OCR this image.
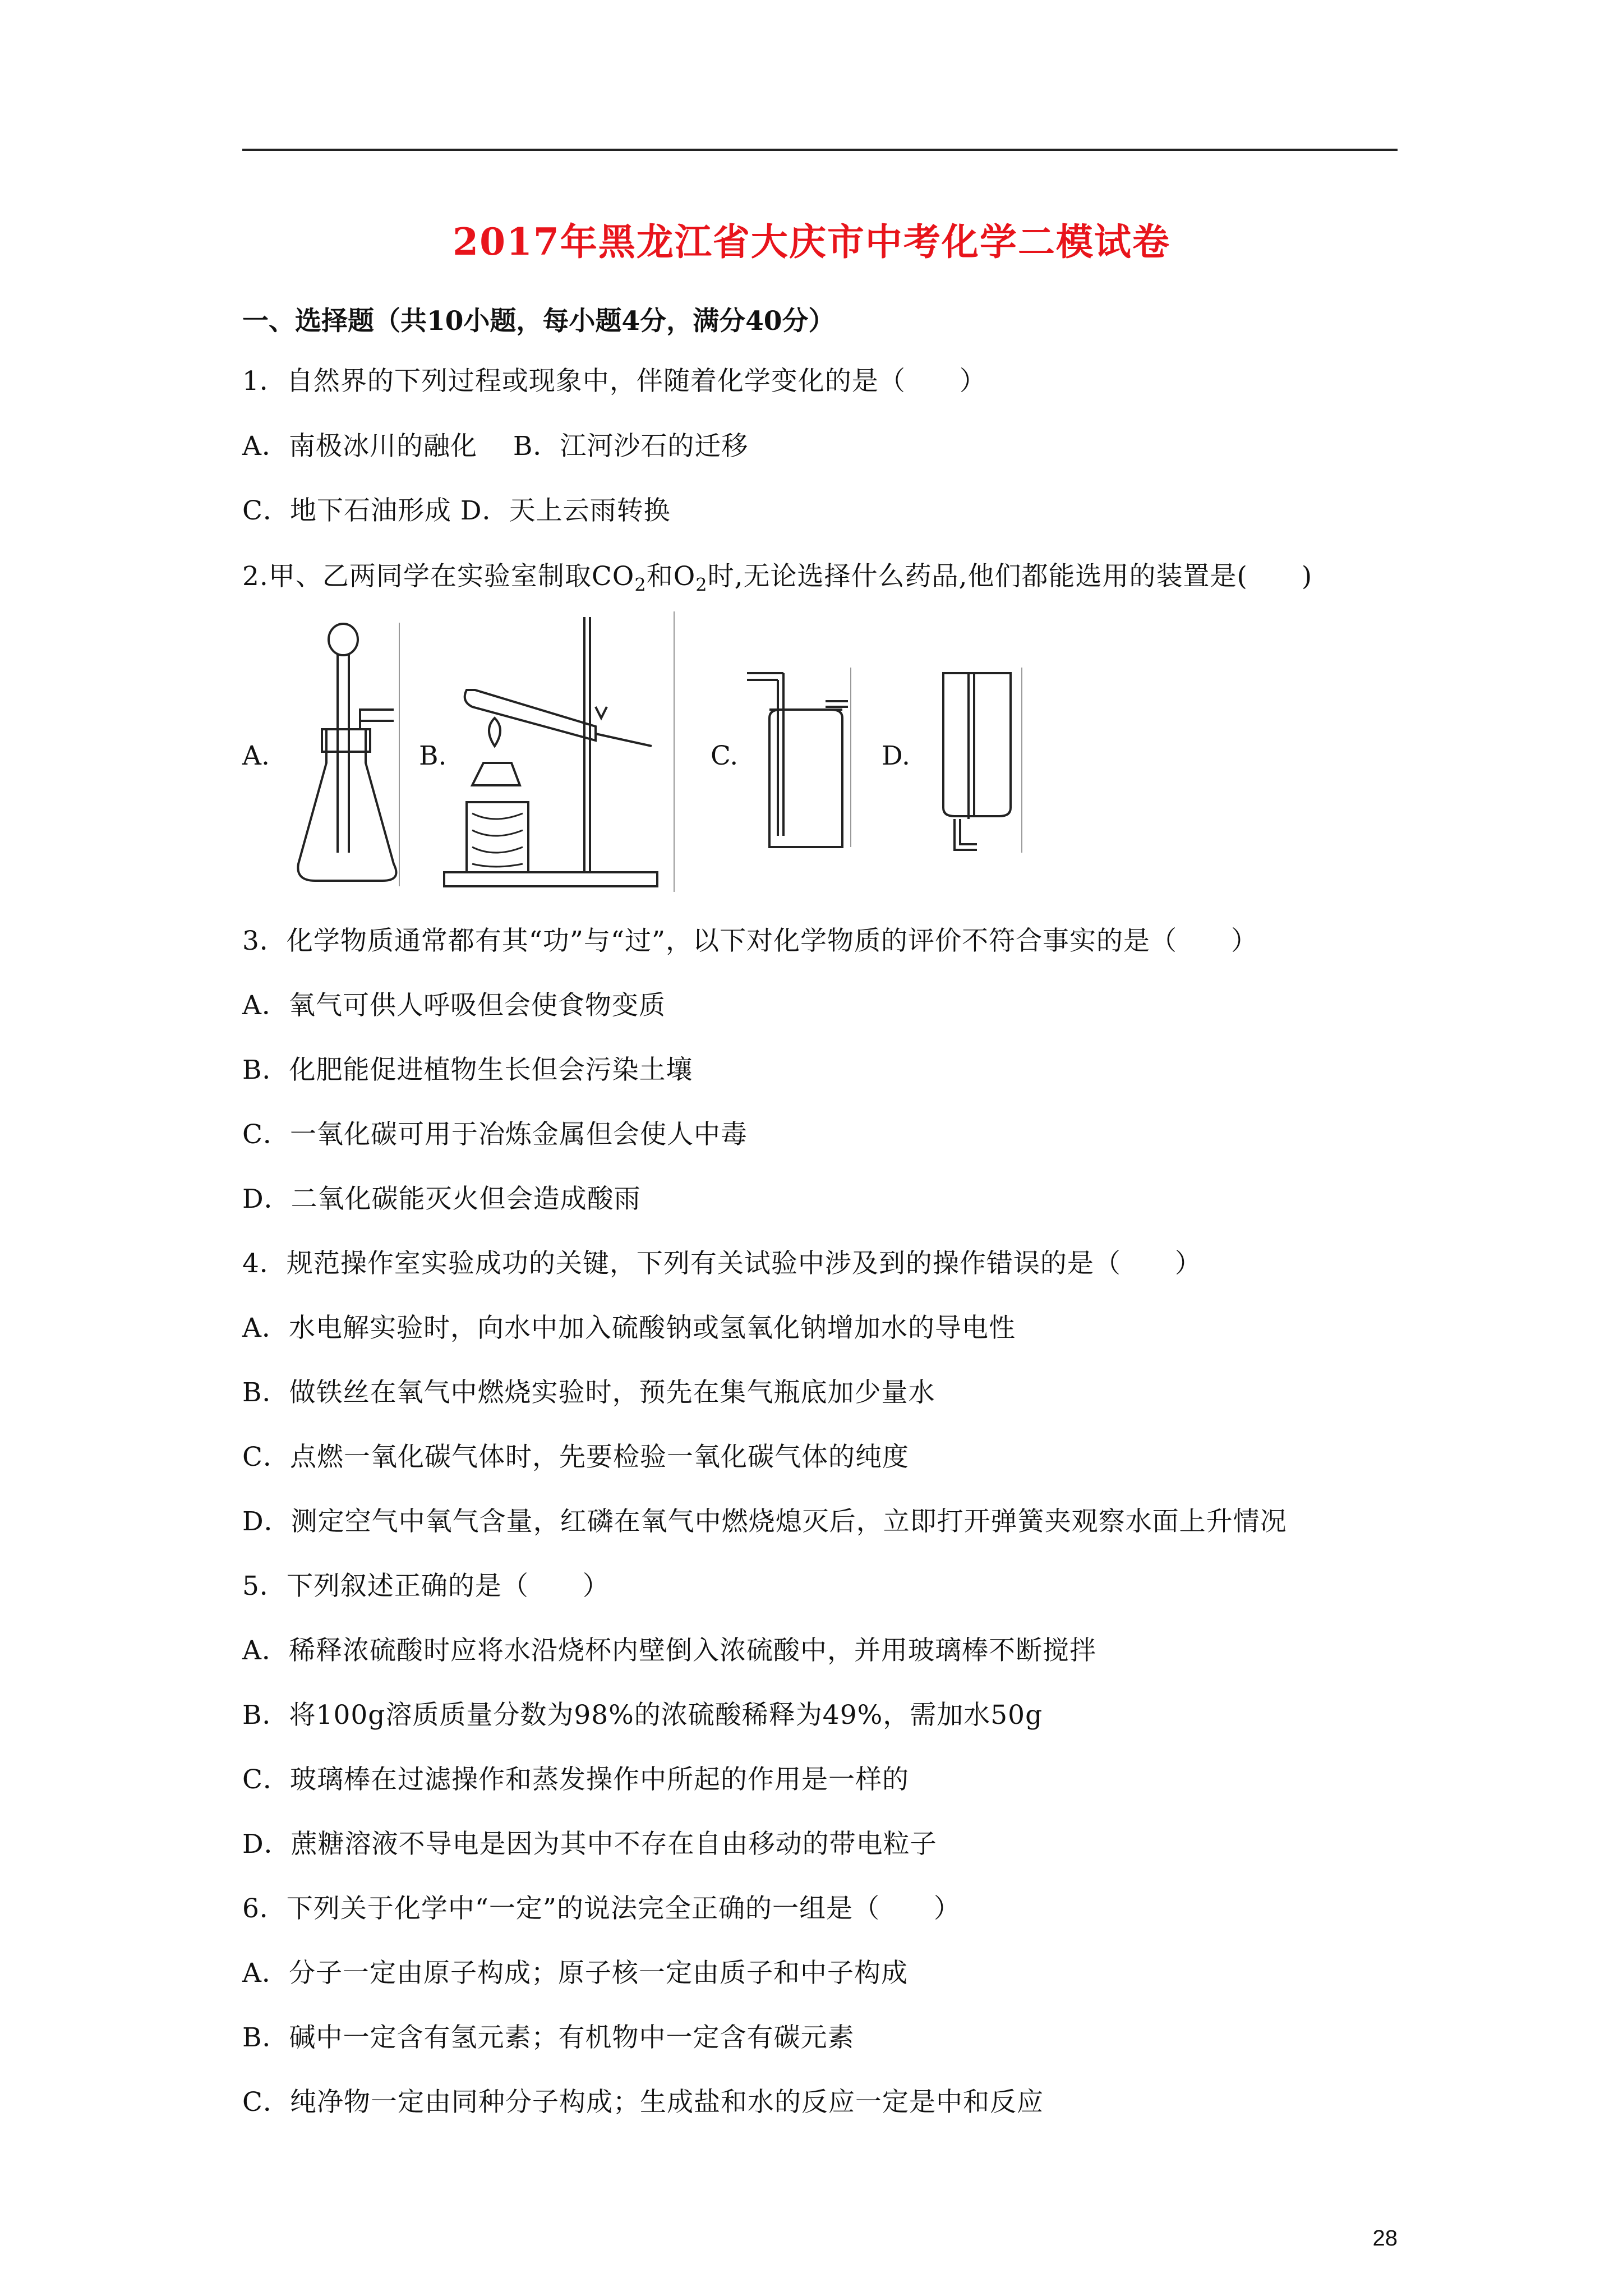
2017年黑龙江省大庆市中考化学二模试卷
一、选择题（共10小题，每小题4分，满分40分）
1．自然界的下列过程或现象中，伴随着化学变化的是（　　）
A．南极冰川的融化　 B．江河沙石的迁移
C．地下石油形成 D．天上云雨转换
2.甲、乙两同学在实验室制取$CO_2$和$O_2$时,无论选择什么药品,他们都能选用的装置是(　　)
A.	B.	C.	D.
3．化学物质通常都有其“功”与“过”，以下对化学物质的评价不符合事实的是（　　）
A．氧气可供人呼吸但会使食物变质
B．化肥能促进植物生长但会污染土壤
C．一氧化碳可用于冶炼金属但会使人中毒
D．二氧化碳能灭火但会造成酸雨
4．规范操作室实验成功的关键，下列有关试验中涉及到的操作错误的是（　　）
A．水电解实验时，向水中加入硫酸钠或氢氧化钠增加水的导电性
B．做铁丝在氧气中燃烧实验时，预先在集气瓶底加少量水
C．点燃一氧化碳气体时，先要检验一氧化碳气体的纯度
D．测定空气中氧气含量，红磷在氧气中燃烧熄灭后，立即打开弹簧夹观察水面上升情况
5．下列叙述正确的是（　　）
A．稀释浓硫酸时应将水沿烧杯内壁倒入浓硫酸中，并用玻璃棒不断搅拌
B．将100g溶质质量分数为98%的浓硫酸稀释为49%，需加水50g
C．玻璃棒在过滤操作和蒸发操作中所起的作用是一样的
D．蔗糖溶液不导电是因为其中不存在自由移动的带电粒子
6．下列关于化学中“一定”的说法完全正确的一组是（　　）
A．分子一定由原子构成；原子核一定由质子和中子构成
B．碱中一定含有氢元素；有机物中一定含有碳元素
C．纯净物一定由同种分子构成；生成盐和水的反应一定是中和反应
28
